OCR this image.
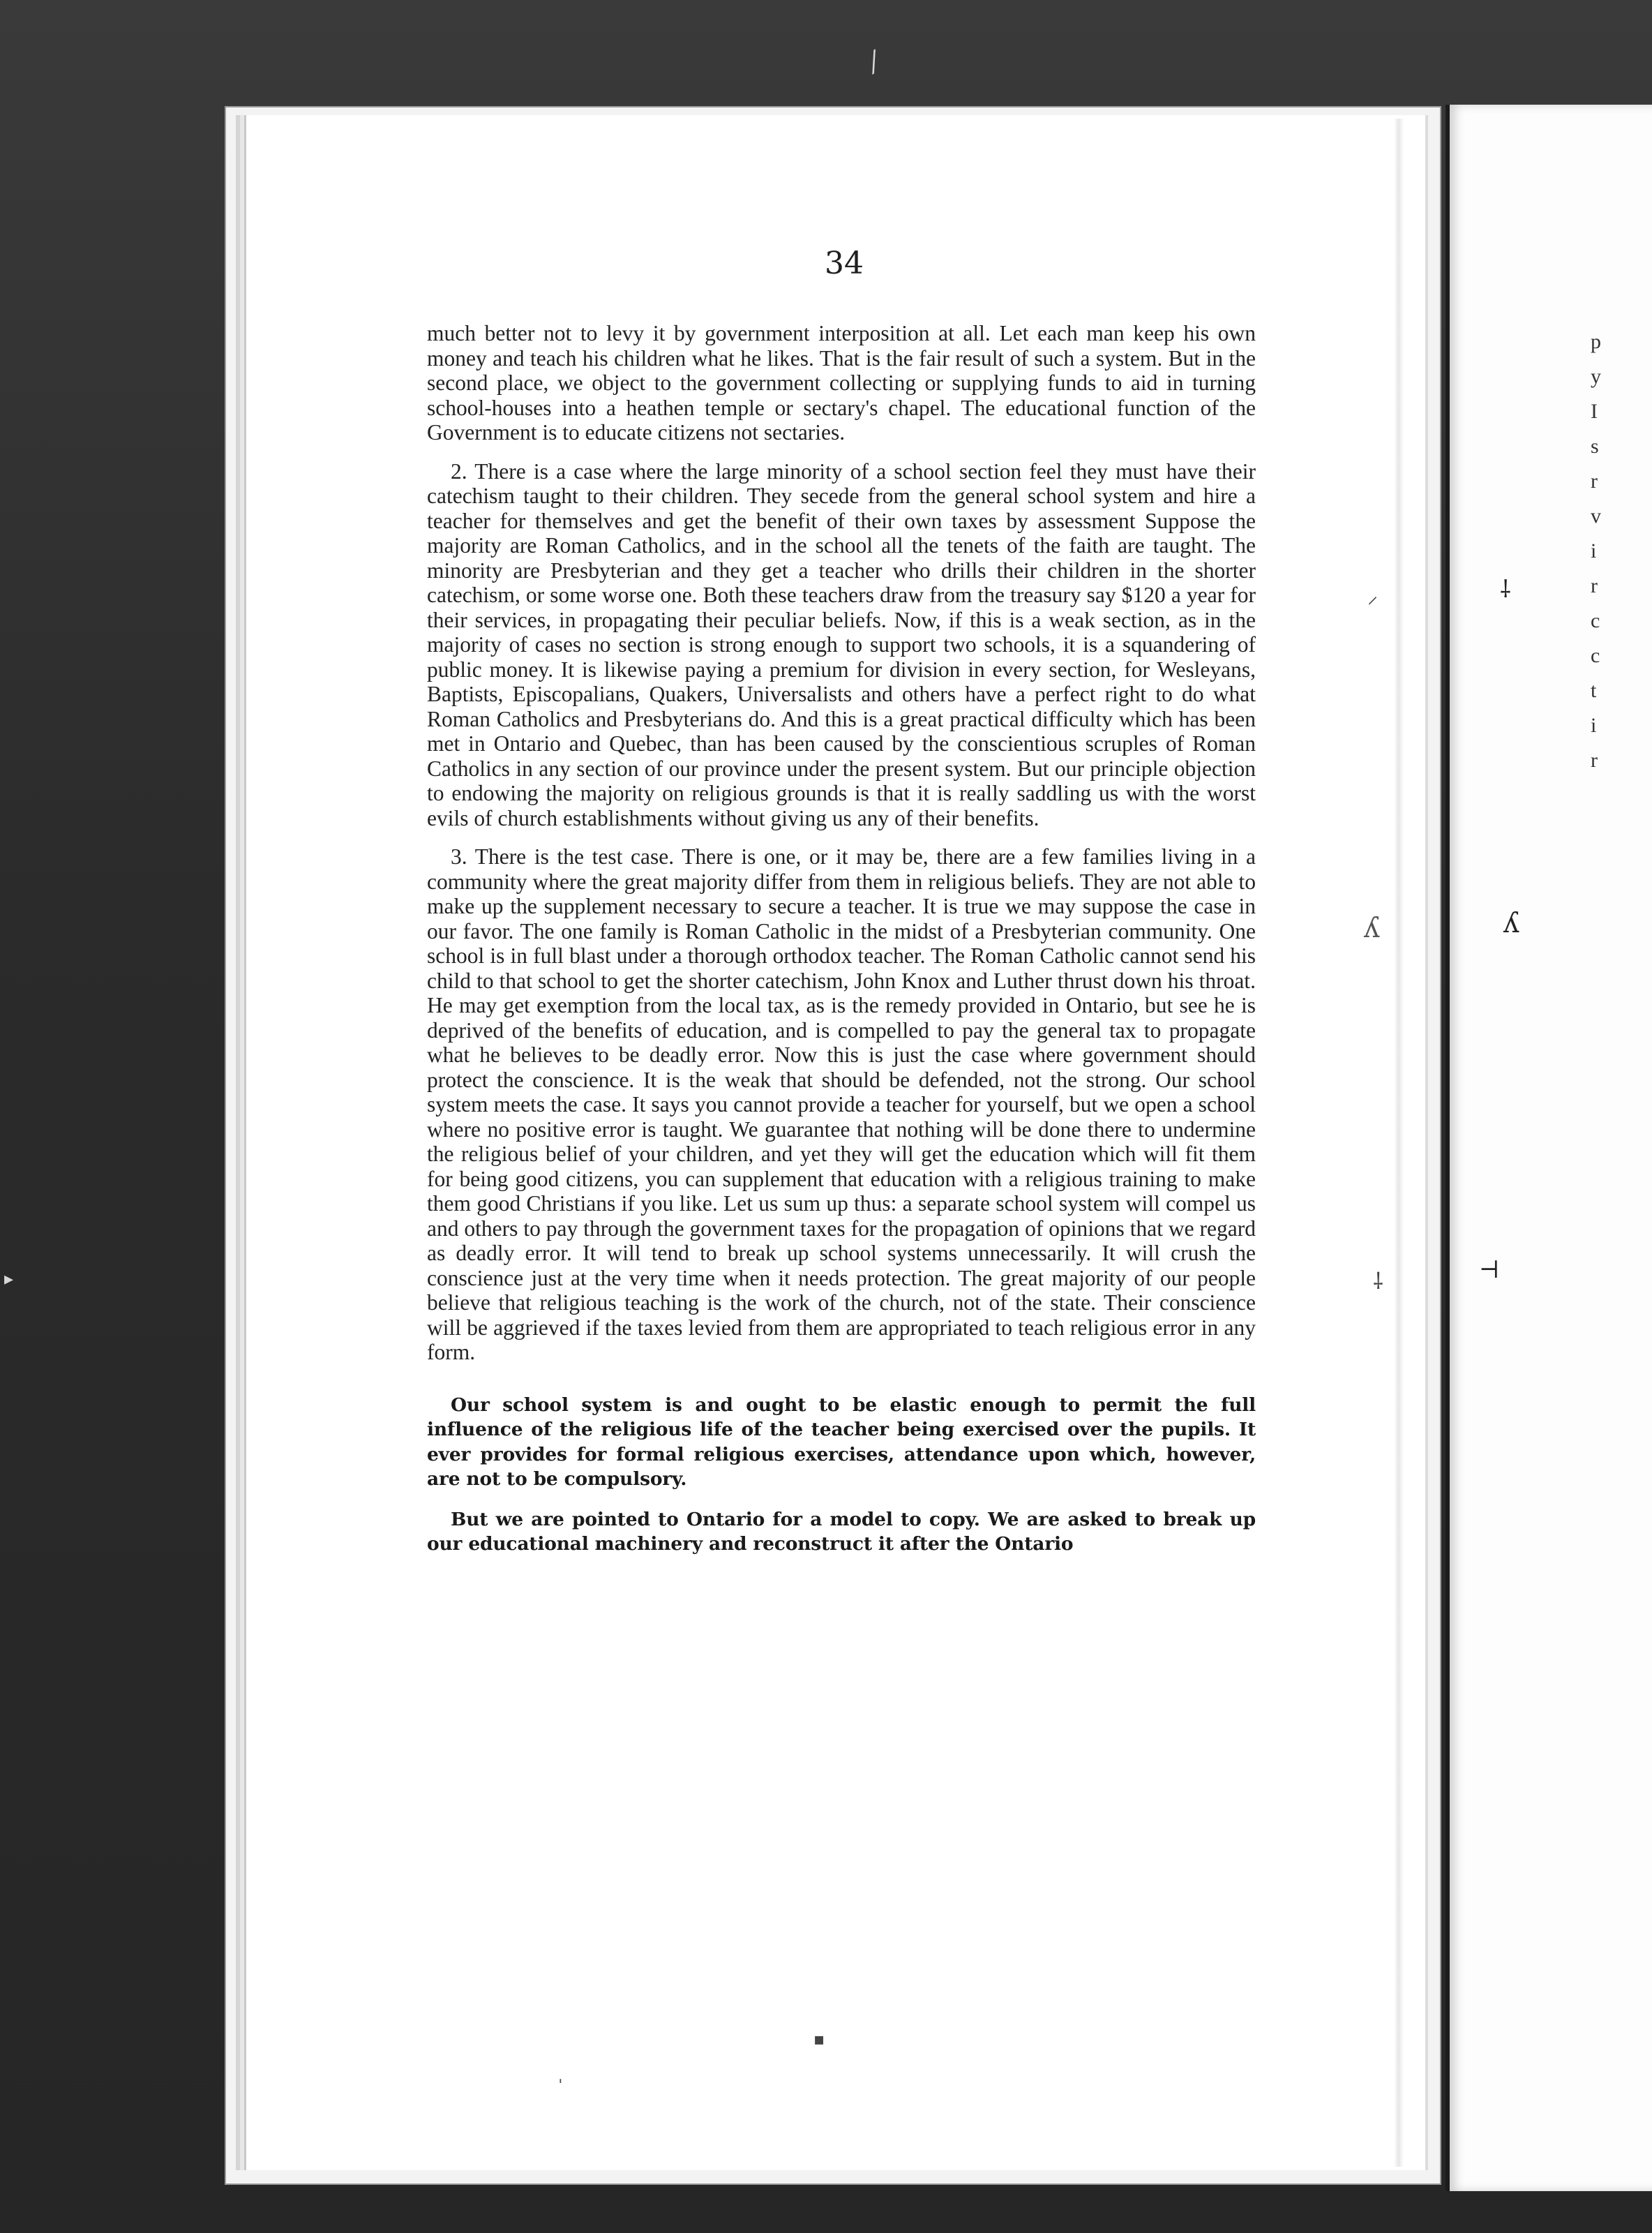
⁄
▸
p
y
I
s
r
v
i
r
c
c
t
i
r
⸸
ʎ
⊣
⸝
ʎ
⸸
34

much better not to levy it by government interposition at all. Let each man keep his own money and teach his children what he likes. That is the fair result of such a system. But in the second place, we object to the government collecting or supplying funds to aid in turning school-houses into a heathen temple or sectary's chapel. The educational function of the Government is to educate citizens not sectaries.

2. There is a case where the large minority of a school section feel they must have their catechism taught to their children. They secede from the general school system and hire a teacher for themselves and get the benefit of their own taxes by assessment Suppose the majority are Roman Catholics, and in the school all the tenets of the faith are taught. The minority are Presbyterian and they get a teacher who drills their children in the shorter catechism, or some worse one. Both these teachers draw from the treasury say $120 a year for their services, in propagating their peculiar beliefs. Now, if this is a weak section, as in the majority of cases no section is strong enough to support two schools, it is a squandering of public money. It is likewise paying a premium for division in every section, for Wesleyans, Baptists, Episcopalians, Quakers, Universalists and others have a perfect right to do what Roman Catholics and Presbyterians do. And this is a great practical difficulty which has been met in Ontario and Quebec, than has been caused by the conscientious scruples of Roman Catholics in any section of our province under the present system. But our principle objection to endowing the majority on religious grounds is that it is really saddling us with the worst evils of church establishments without giving us any of their benefits.

3. There is the test case. There is one, or it may be, there are a few families living in a community where the great majority differ from them in religious beliefs. They are not able to make up the supplement necessary to secure a teacher. It is true we may suppose the case in our favor. The one family is Roman Catholic in the midst of a Presbyterian community. One school is in full blast under a thorough orthodox teacher. The Roman Catholic cannot send his child to that school to get the shorter catechism, John Knox and Luther thrust down his throat. He may get exemption from the local tax, as is the remedy provided in Ontario, but see he is deprived of the benefits of education, and is compelled to pay the general tax to propagate what he believes to be deadly error. Now this is just the case where government should protect the conscience. It is the weak that should be defended, not the strong. Our school system meets the case. It says you cannot provide a teacher for yourself, but we open a school where no positive error is taught. We guarantee that nothing will be done there to undermine the religious belief of your children, and yet they will get the education which will fit them for being good citizens, you can supplement that education with a religious training to make them good Christians if you like. Let us sum up thus: a separate school system will compel us and others to pay through the government taxes for the propagation of opinions that we regard as deadly error. It will tend to break up school systems unnecessarily. It will crush the conscience just at the very time when it needs protection. The great majority of our people believe that religious teaching is the work of the church, not of the state. Their conscience will be aggrieved if the taxes levied from them are appropriated to teach religious error in any form.

Our school system is and ought to be elastic enough to permit the full influence of the religious life of the teacher being exercised over the pupils. It ever provides for formal religious exercises, attendance upon which, however, are not to be compulsory.

But we are pointed to Ontario for a model to copy. We are asked to break up our educational machinery and reconstruct it after the Ontario

▪
ˌ
